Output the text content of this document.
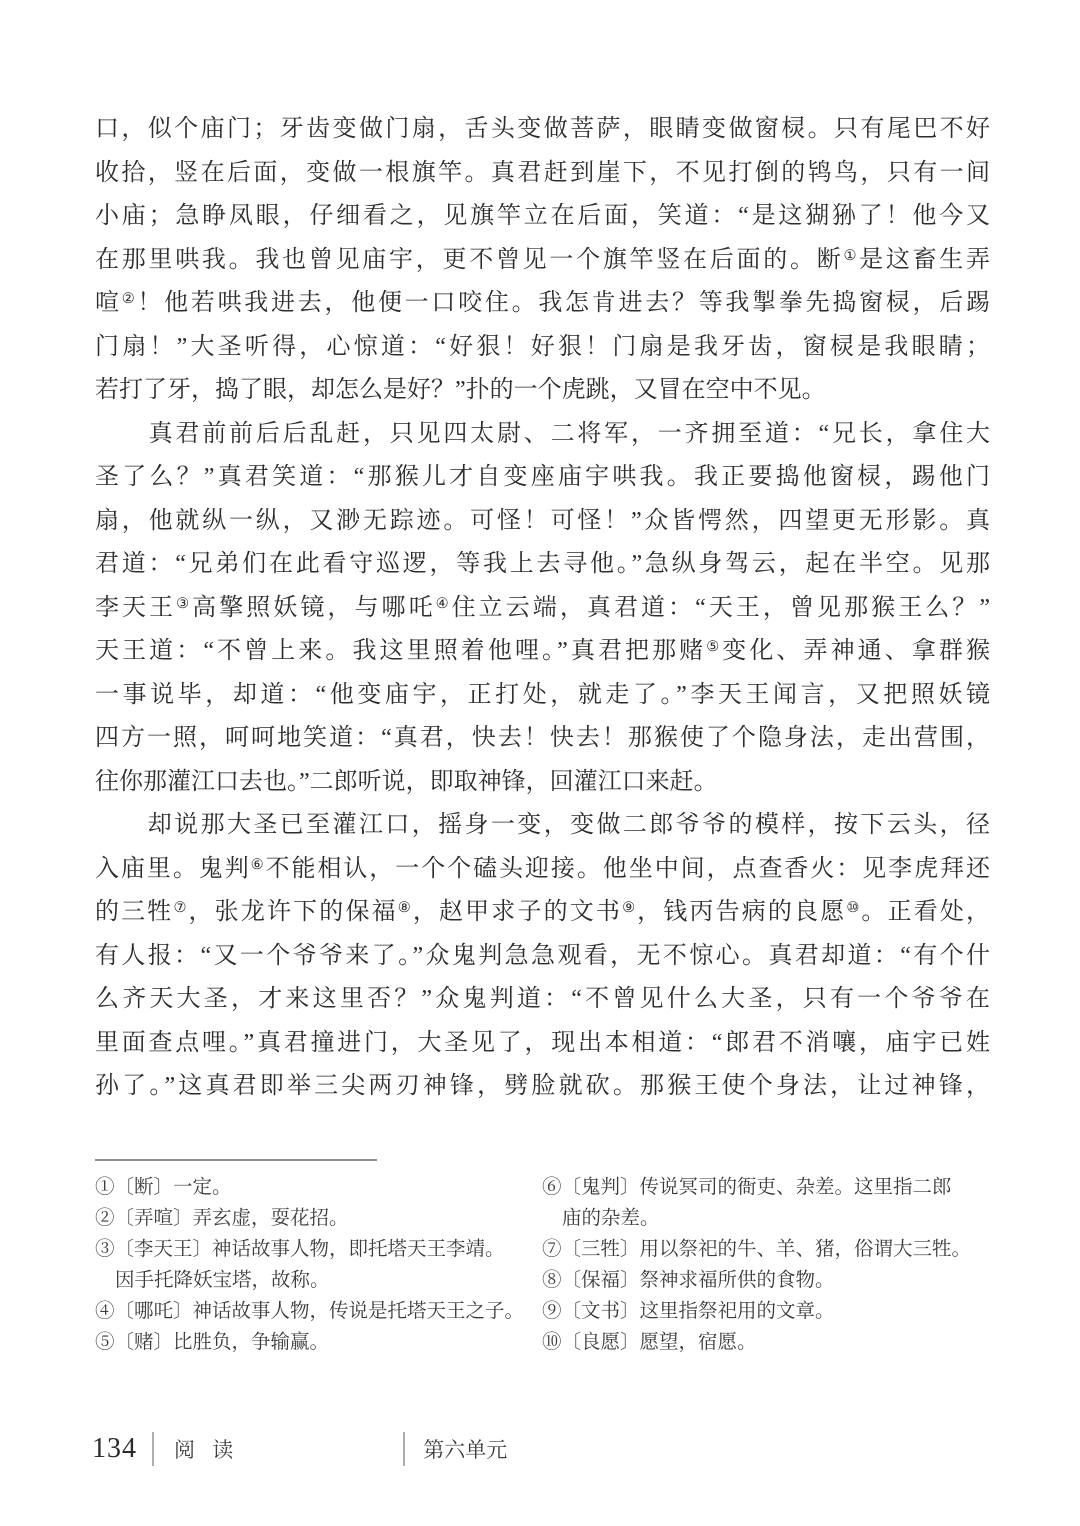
口，似个庙门；牙齿变做门扇，舌头变做菩萨，眼睛变做窗棂。只有尾巴不好
收拾，竖在后面，变做一根旗竿。真君赶到崖下，不见打倒的鸨鸟，只有一间
小庙；急睁凤眼，仔细看之，见旗竿立在后面，笑道：“是这猢狲了！他今又
在那里哄我。我也曾见庙宇，更不曾见一个旗竿竖在后面的。断①是这畜生弄
喧②！他若哄我进去，他便一口咬住。我怎肯进去？等我掣拳先捣窗棂，后踢
门扇！”大圣听得，心惊道：“好狠！好狠！门扇是我牙齿，窗棂是我眼睛；
若打了牙，捣了眼，却怎么是好？”扑的一个虎跳，又冒在空中不见。
　　真君前前后后乱赶，只见四太尉、二将军，一齐拥至道：“兄长，拿住大
圣了么？”真君笑道：“那猴儿才自变座庙宇哄我。我正要捣他窗棂，踢他门
扇，他就纵一纵，又渺无踪迹。可怪！可怪！”众皆愕然，四望更无形影。真
君道：“兄弟们在此看守巡逻，等我上去寻他。”急纵身驾云，起在半空。见那
李天王③高擎照妖镜，与哪吒④住立云端，真君道：“天王，曾见那猴王么？”
天王道：“不曾上来。我这里照着他哩。”真君把那赌⑤变化、弄神通、拿群猴
一事说毕，却道：“他变庙宇，正打处，就走了。”李天王闻言，又把照妖镜
四方一照，呵呵地笑道：“真君，快去！快去！那猴使了个隐身法，走出营围，
往你那灌江口去也。”二郎听说，即取神锋，回灌江口来赶。
　　却说那大圣已至灌江口，摇身一变，变做二郎爷爷的模样，按下云头，径
入庙里。鬼判⑥不能相认，一个个磕头迎接。他坐中间，点查香火：见李虎拜还
的三牲⑦，张龙许下的保福⑧，赵甲求子的文书⑨，钱丙告病的良愿⑩。正看处，
有人报：“又一个爷爷来了。”众鬼判急急观看，无不惊心。真君却道：“有个什
么齐天大圣，才来这里否？”众鬼判道：“不曾见什么大圣，只有一个爷爷在
里面查点哩。”真君撞进门，大圣见了，现出本相道：“郎君不消嚷，庙宇已姓
孙了。”这真君即举三尖两刃神锋，劈脸就砍。那猴王使个身法，让过神锋，
①〔断〕一定。
②〔弄喧〕弄玄虚，耍花招。
③〔李天王〕神话故事人物，即托塔天王李靖。
因手托降妖宝塔，故称。
④〔哪吒〕神话故事人物，传说是托塔天王之子。
⑤〔赌〕比胜负，争输赢。
⑥〔鬼判〕传说冥司的衙吏、杂差。这里指二郎
庙的杂差。
⑦〔三牲〕用以祭祀的牛、羊、猪，俗谓大三牲。
⑧〔保福〕祭神求福所供的食物。
⑨〔文书〕这里指祭祀用的文章。
⑩〔良愿〕愿望，宿愿。
134 阅 读	第六单元
